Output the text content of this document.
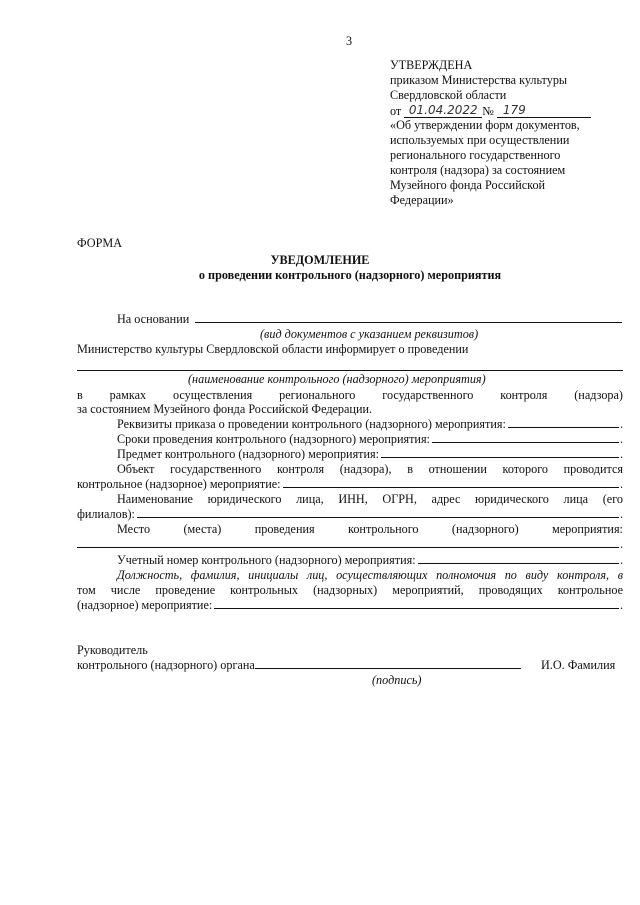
3
УТВЕРЖДЕНА
приказом Министерства культуры
Свердловской области
от 01.04.2022 № 179
«Об утверждении форм документов,
используемых при осуществлении
регионального государственного
контроля (надзора) за состоянием
Музейного фонда Российской
Федерации»
ФОРМА
УВЕДОМЛЕНИЕ
о проведении контрольного (надзорного) мероприятия
На основании
(вид документов с указанием реквизитов)
Министерство культуры Свердловской области информирует о проведении
(наименование контрольного (надзорного) мероприятия)
в рамках осуществления регионального государственного контроля (надзора)
за состоянием Музейного фонда Российской Федерации.
Реквизиты приказа о проведении контрольного (надзорного) мероприятия:	.
Сроки проведения контрольного (надзорного) мероприятия:	.
Предмет контрольного (надзорного) мероприятия:	.
Объект государственного контроля (надзора), в отношении которого проводится
контрольное (надзорное) мероприятие:	.
Наименование юридического лица, ИНН, ОГРН, адрес юридического лица (его
филиалов):	.
Место	(места)	проведения	контрольного	(надзорного)	мероприятия:
.
Учетный номер контрольного (надзорного) мероприятия:	.
Должность, фамилия, инициалы лиц, осуществляющих полномочия по виду контроля, в
том числе проведение контрольных (надзорных) мероприятий, проводящих контрольное
(надзорное) мероприятие:	.
Руководитель
контрольного (надзорного) органа	И.О. Фамилия
(подпись)
